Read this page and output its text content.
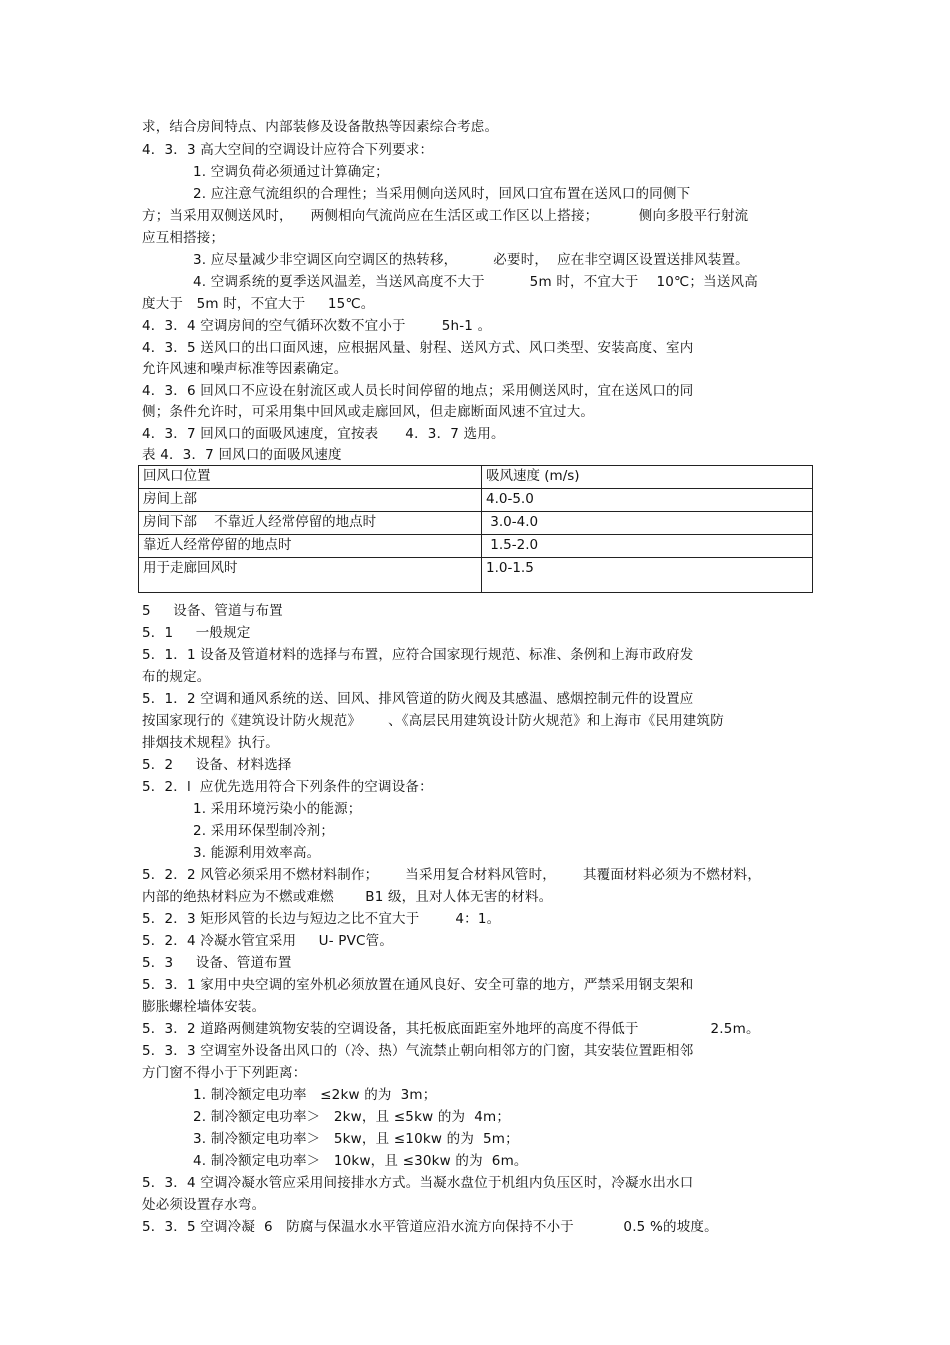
求，结合房间特点、内部装修及设备散热等因素综合考虑。
4．3．3 高大空间的空调设计应符合下列要求：
1. 空调负荷必须通过计算确定；
2. 应注意气流组织的合理性；当采用侧向送风时，回风口宜布置在送风口的同侧下
方；当采用双侧送风时，    两侧相向气流尚应在生活区或工作区以上搭接；         侧向多股平行射流
应互相搭接；
3. 应尽量减少非空调区向空调区的热转移，        必要时，  应在非空调区设置送排风装置。
4. 空调系统的夏季送风温差，当送风高度不大于          5m 时，不宜大于    10℃；当送风高
度大于   5m 时，不宜大于     15℃。
4．3．4 空调房间的空气循环次数不宜小于        5h-1 。
4．3．5 送风口的出口面风速，应根据风量、射程、送风方式、风口类型、安装高度、室内
允许风速和噪声标准等因素确定。
4．3．6 回风口不应设在射流区或人员长时间停留的地点；采用侧送风时，宜在送风口的同
侧；条件允许时，可采用集中回风或走廊回风，但走廊断面风速不宜过大。
4．3．7 回风口的面吸风速度，宜按表      4．3．7 选用。
表 4．3．7 回风口的面吸风速度
回风口位置	吸风速度 (m/s)
房间上部	4.0-5.0
房间下部    不靠近人经常停留的地点时	3.0-4.0
靠近人经常停留的地点时	1.5-2.0
用于走廊回风时	1.0-1.5
5     设备、管道与布置
5．1     一般规定
5．1．1 设备及管道材料的选择与布置，应符合国家现行规范、标准、条例和上海市政府发
布的规定。
5．1．2 空调和通风系统的送、回风、排风管道的防火阀及其感温、感烟控制元件的设置应
按国家现行的《建筑设计防火规范》      、《高层民用建筑设计防火规范》和上海市《民用建筑防
排烟技术规程》执行。
5．2     设备、材料选择
5．2．l  应优先选用符合下列条件的空调设备：
1. 采用环境污染小的能源；
2. 采用环保型制冷剂；
3. 能源利用效率高。
5．2．2 风管必须采用不燃材料制作；      当采用复合材料风管时，      其覆面材料必须为不燃材料，
内部的绝热材料应为不燃或难燃       B1 级，且对人体无害的材料。
5．2．3 矩形风管的长边与短边之比不宜大于        4：1。
5．2．4 冷凝水管宜采用     U- PVC管。
5．3     设备、管道布置
5．3．1 家用中央空调的室外机必须放置在通风良好、安全可靠的地方，严禁采用钢支架和
膨胀螺栓墙体安装。
5．3．2 道路两侧建筑物安装的空调设备，其托板底面距室外地坪的高度不得低于                2.5m。
5．3．3 空调室外设备出风口的（冷、热）气流禁止朝向相邻方的门窗，其安装位置距相邻
方门窗不得小于下列距离：
1. 制冷额定电功率   ≤2kw 的为  3m；
2. 制冷额定电功率＞   2kw，且 ≤5kw 的为  4m；
3. 制冷额定电功率＞   5kw，且 ≤10kw 的为  5m；
4. 制冷额定电功率＞   10kw，且 ≤30kw 的为  6m。
5．3．4 空调冷凝水管应采用间接排水方式。当凝水盘位于机组内负压区时，冷凝水出水口
处必须设置存水弯。
5．3．5 空调冷凝  6   防腐与保温水水平管道应沿水流方向保持不小于           0.5 %的坡度。
